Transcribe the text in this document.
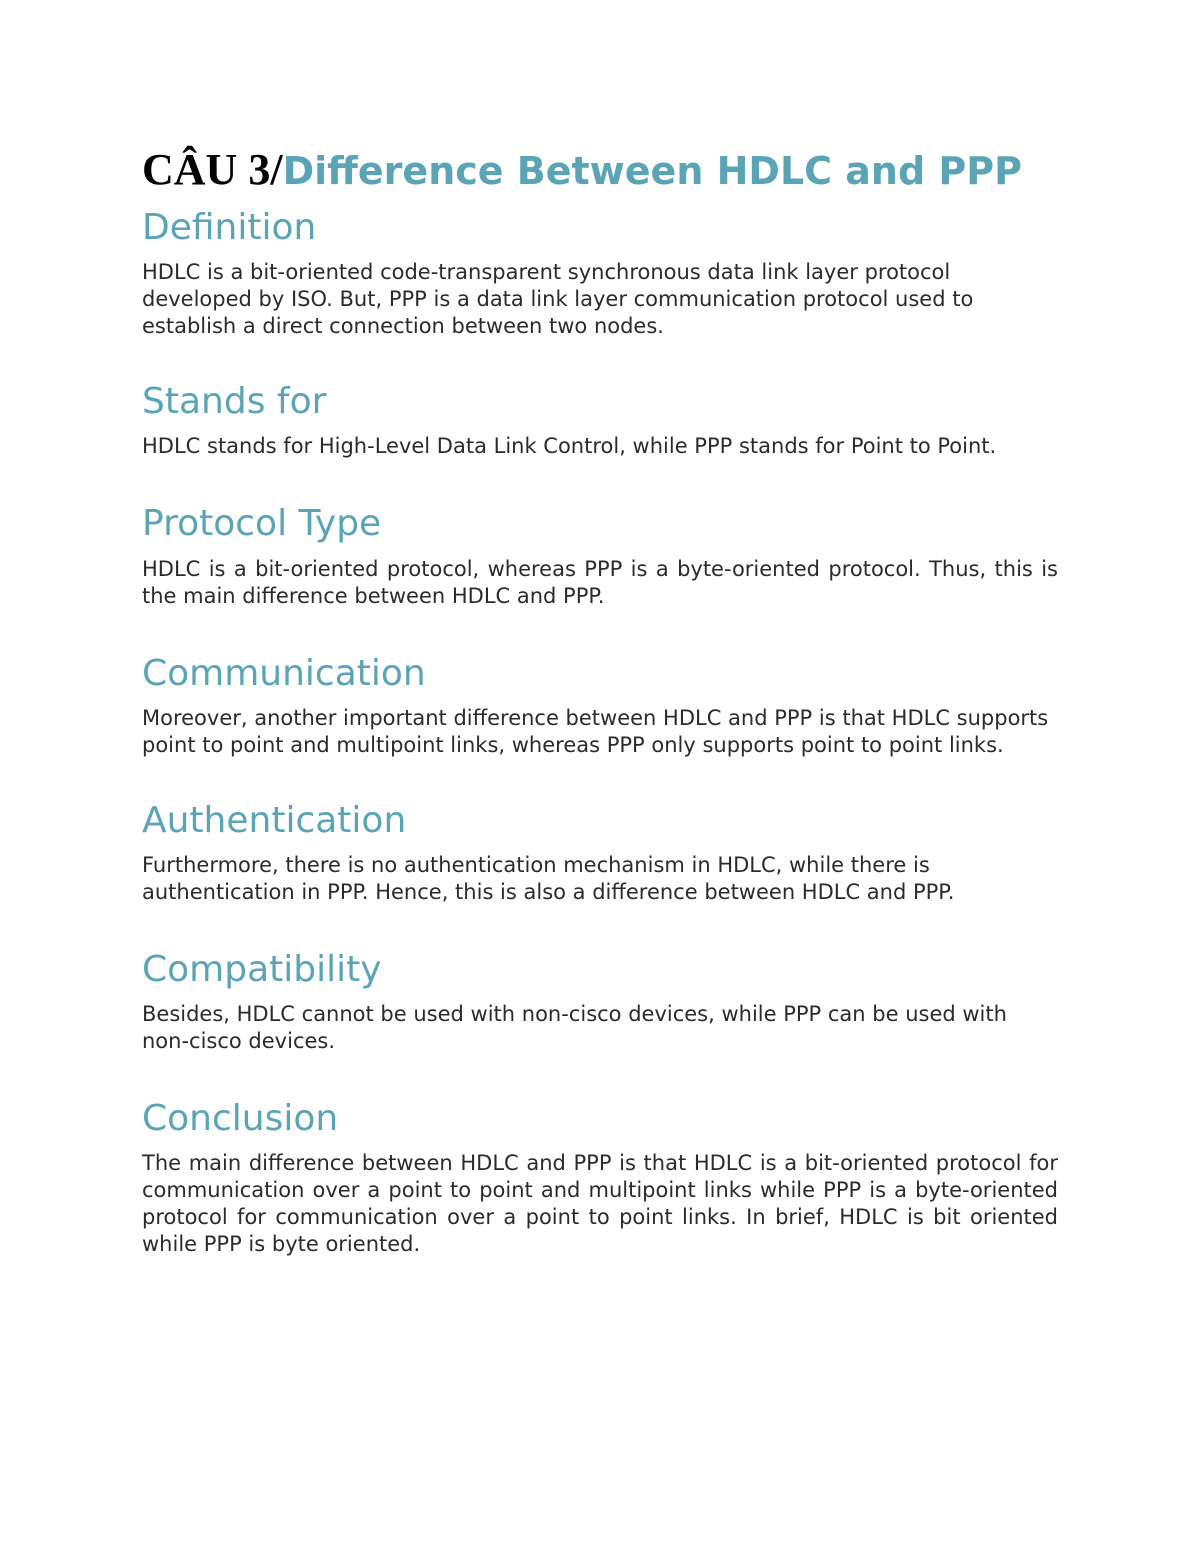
CÂU 3/Difference Between HDLC and PPP
Definition

HDLC is a bit-oriented code-transparent synchronous data link layer protocol developed by ISO. But, PPP is a data link layer communication protocol used to establish a direct connection between two nodes.

Stands for

HDLC stands for High-Level Data Link Control, while PPP stands for Point to Point.

Protocol Type

HDLC is a bit-oriented protocol, whereas PPP is a byte-oriented protocol. Thus, this is the main difference between HDLC and PPP.

Communication

Moreover, another important difference between HDLC and PPP is that HDLC supports point to point and multipoint links, whereas PPP only supports point to point links.

Authentication

Furthermore, there is no authentication mechanism in HDLC, while there is authentication in PPP. Hence, this is also a difference between HDLC and PPP.

Compatibility

Besides, HDLC cannot be used with non-cisco devices, while PPP can be used with non-cisco devices.

Conclusion

The main difference between HDLC and PPP is that HDLC is a bit-oriented protocol for communication over a point to point and multipoint links while PPP is a byte-oriented protocol for communication over a point to point links. In brief, HDLC is bit oriented while PPP is byte oriented.
